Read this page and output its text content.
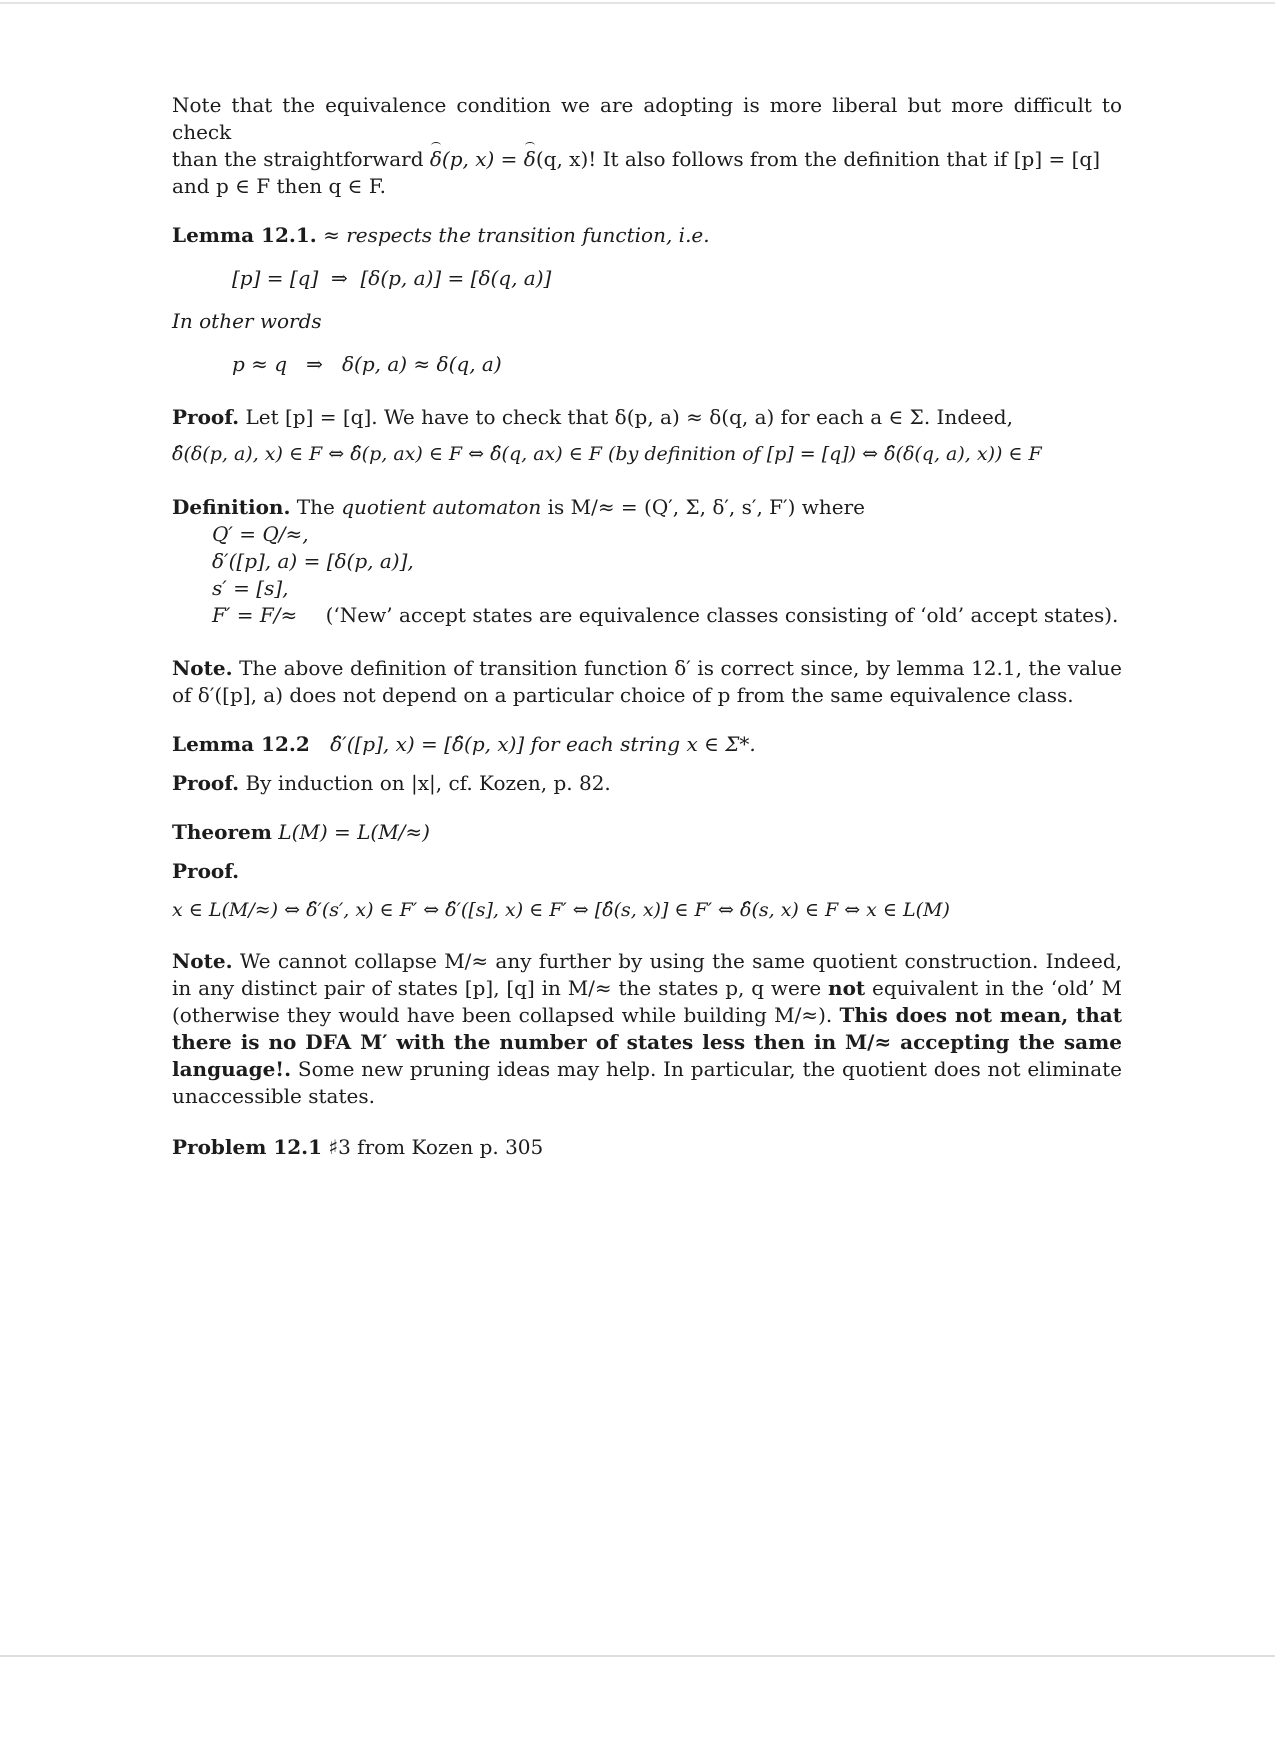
Note that the equivalence condition we are adopting is more liberal but more difficult to check
than the straightforward δ(p, x) = δ(q, x)! It also follows from the definition that if [p] = [q]
and p ∈ F then q ∈ F.

Lemma 12.1. ≈ respects the transition function, i.e.

[p] = [q]  ⇒  [δ(p, a)] = [δ(q, a)]

In other words

p ≈ q   ⇒   δ(p, a) ≈ δ(q, a)

Proof. Let [p] = [q]. We have to check that δ(p, a) ≈ δ(q, a) for each a ∈ Σ. Indeed,

δ̂(δ(p, a), x) ∈ F ⇔ δ̂(p, ax) ∈ F ⇔ δ̂(q, ax) ∈ F (by definition of [p] = [q]) ⇔ δ̂(δ(q, a), x)) ∈ F

Definition. The quotient automaton is M/≈ = (Q′, Σ, δ′, s′, F′) where

Q′ = Q/≈,
δ′([p], a) = [δ(p, a)],
s′ = [s],
F′ = F/≈ (‘New’ accept states are equivalence classes consisting of ‘old’ accept states).

Note. The above definition of transition function δ′ is correct since, by lemma 12.1, the value of δ′([p], a) does not depend on a particular choice of p from the same equivalence class.

Lemma 12.2 δ̂′([p], x) = [δ̂(p, x)] for each string x ∈ Σ*.

Proof. By induction on |x|, cf. Kozen, p. 82.

Theorem L(M) = L(M/≈)

Proof.

x ∈ L(M/≈) ⇔ δ̂′(s′, x) ∈ F′ ⇔ δ̂′([s], x) ∈ F′ ⇔ [δ̂(s, x)] ∈ F′ ⇔ δ̂(s, x) ∈ F ⇔ x ∈ L(M)

Note. We cannot collapse M/≈ any further by using the same quotient construction. Indeed, in any distinct pair of states [p], [q] in M/≈ the states p, q were not equivalent in the ‘old’ M (otherwise they would have been collapsed while building M/≈). This does not mean, that there is no DFA M′ with the number of states less then in M/≈ accepting the same language!. Some new pruning ideas may help. In particular, the quotient does not eliminate unaccessible states.

Problem 12.1 ♯3 from Kozen p. 305
